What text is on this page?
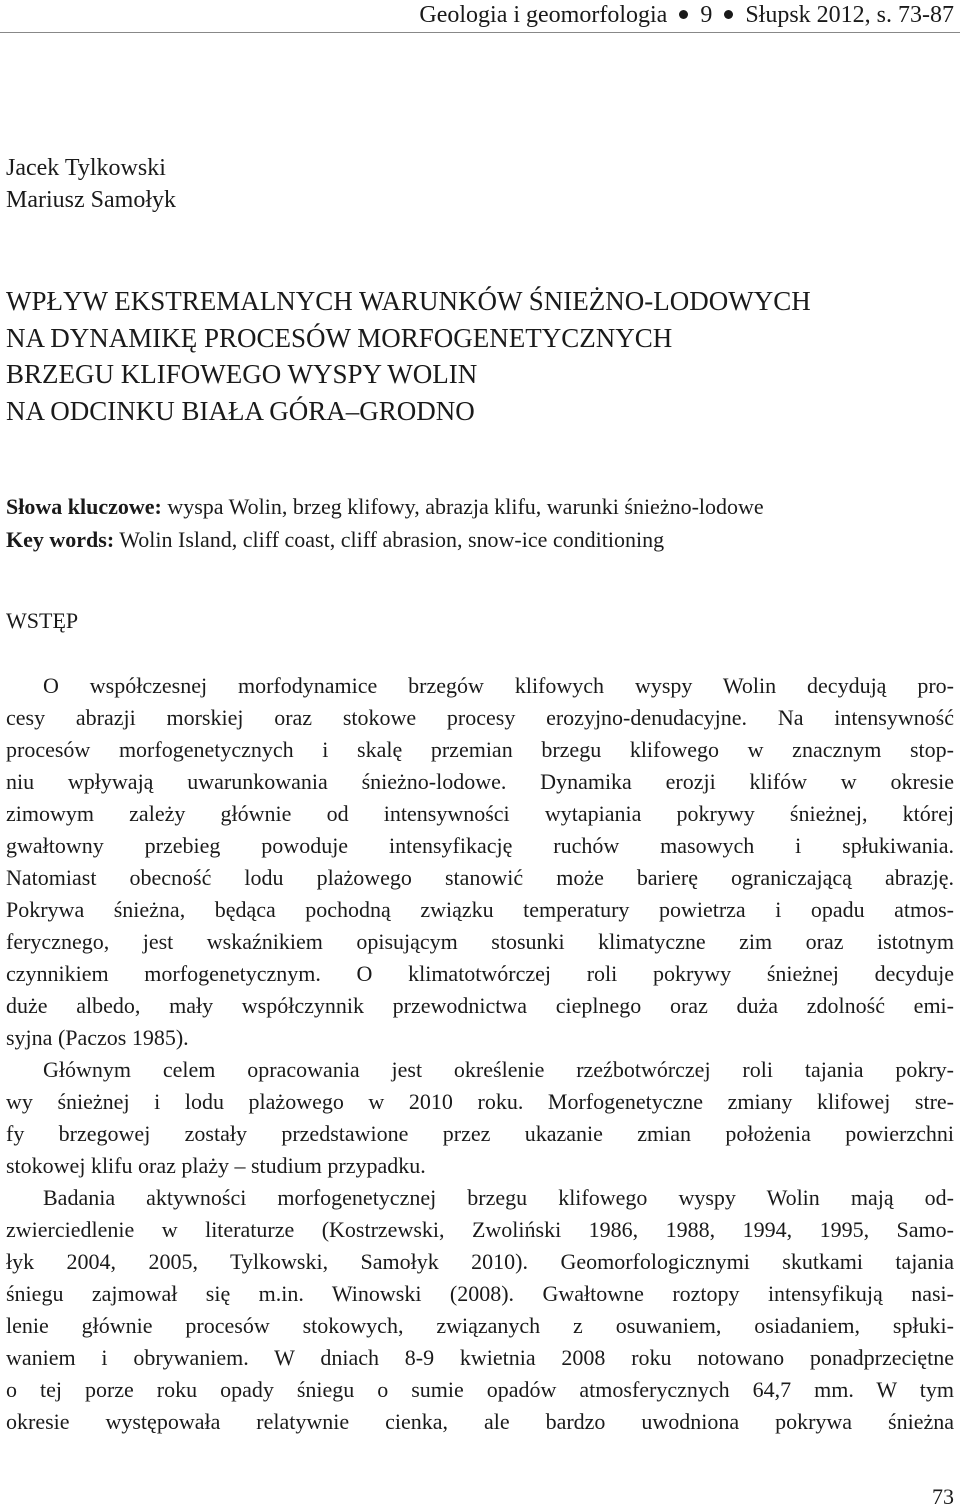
Geologia i geomorfologia 9 Słupsk 2012, s. 73-87
Jacek Tylkowski
Mariusz Samołyk
WPŁYW EKSTREMALNYCH WARUNKÓW ŚNIEŻNO-LODOWYCH
NA DYNAMIKĘ PROCESÓW MORFOGENETYCZNYCH
BRZEGU KLIFOWEGO WYSPY WOLIN
NA ODCINKU BIAŁA GÓRA–GRODNO
Słowa kluczowe: wyspa Wolin, brzeg klifowy, abrazja klifu, warunki śnieżno-lodowe
Key words: Wolin Island, cliff coast, cliff abrasion, snow-ice conditioning
WSTĘP
O współczesnej morfodynamice brzegów klifowych wyspy Wolin decydują pro-
cesy abrazji morskiej oraz stokowe procesy erozyjno-denudacyjne. Na intensywność
procesów morfogenetycznych i skalę przemian brzegu klifowego w znacznym stop-
niu wpływają uwarunkowania śnieżno-lodowe. Dynamika erozji klifów w okresie
zimowym zależy głównie od intensywności wytapiania pokrywy śnieżnej, której
gwałtowny przebieg powoduje intensyfikację ruchów masowych i spłukiwania.
Natomiast obecność lodu plażowego stanowić może barierę ograniczającą abrazję.
Pokrywa śnieżna, będąca pochodną związku temperatury powietrza i opadu atmos-
ferycznego, jest wskaźnikiem opisującym stosunki klimatyczne zim oraz istotnym
czynnikiem morfogenetycznym. O klimatotwórczej roli pokrywy śnieżnej decyduje
duże albedo, mały współczynnik przewodnictwa cieplnego oraz duża zdolność emi-
syjna (Paczos 1985).
Głównym celem opracowania jest określenie rzeźbotwórczej roli tajania pokry-
wy śnieżnej i lodu plażowego w 2010 roku. Morfogenetyczne zmiany klifowej stre-
fy brzegowej zostały przedstawione przez ukazanie zmian położenia powierzchni
stokowej klifu oraz plaży – studium przypadku.
Badania aktywności morfogenetycznej brzegu klifowego wyspy Wolin mają od-
zwierciedlenie w literaturze (Kostrzewski, Zwoliński 1986, 1988, 1994, 1995, Samo-
łyk 2004, 2005, Tylkowski, Samołyk 2010). Geomorfologicznymi skutkami tajania
śniegu zajmował się m.in. Winowski (2008). Gwałtowne roztopy intensyfikują nasi-
lenie głównie procesów stokowych, związanych z osuwaniem, osiadaniem, spłuki-
waniem i obrywaniem. W dniach 8-9 kwietnia 2008 roku notowano ponadprzeciętne
o tej porze roku opady śniegu o sumie opadów atmosferycznych 64,7 mm. W tym
okresie występowała relatywnie cienka, ale bardzo uwodniona pokrywa śnieżna
73
